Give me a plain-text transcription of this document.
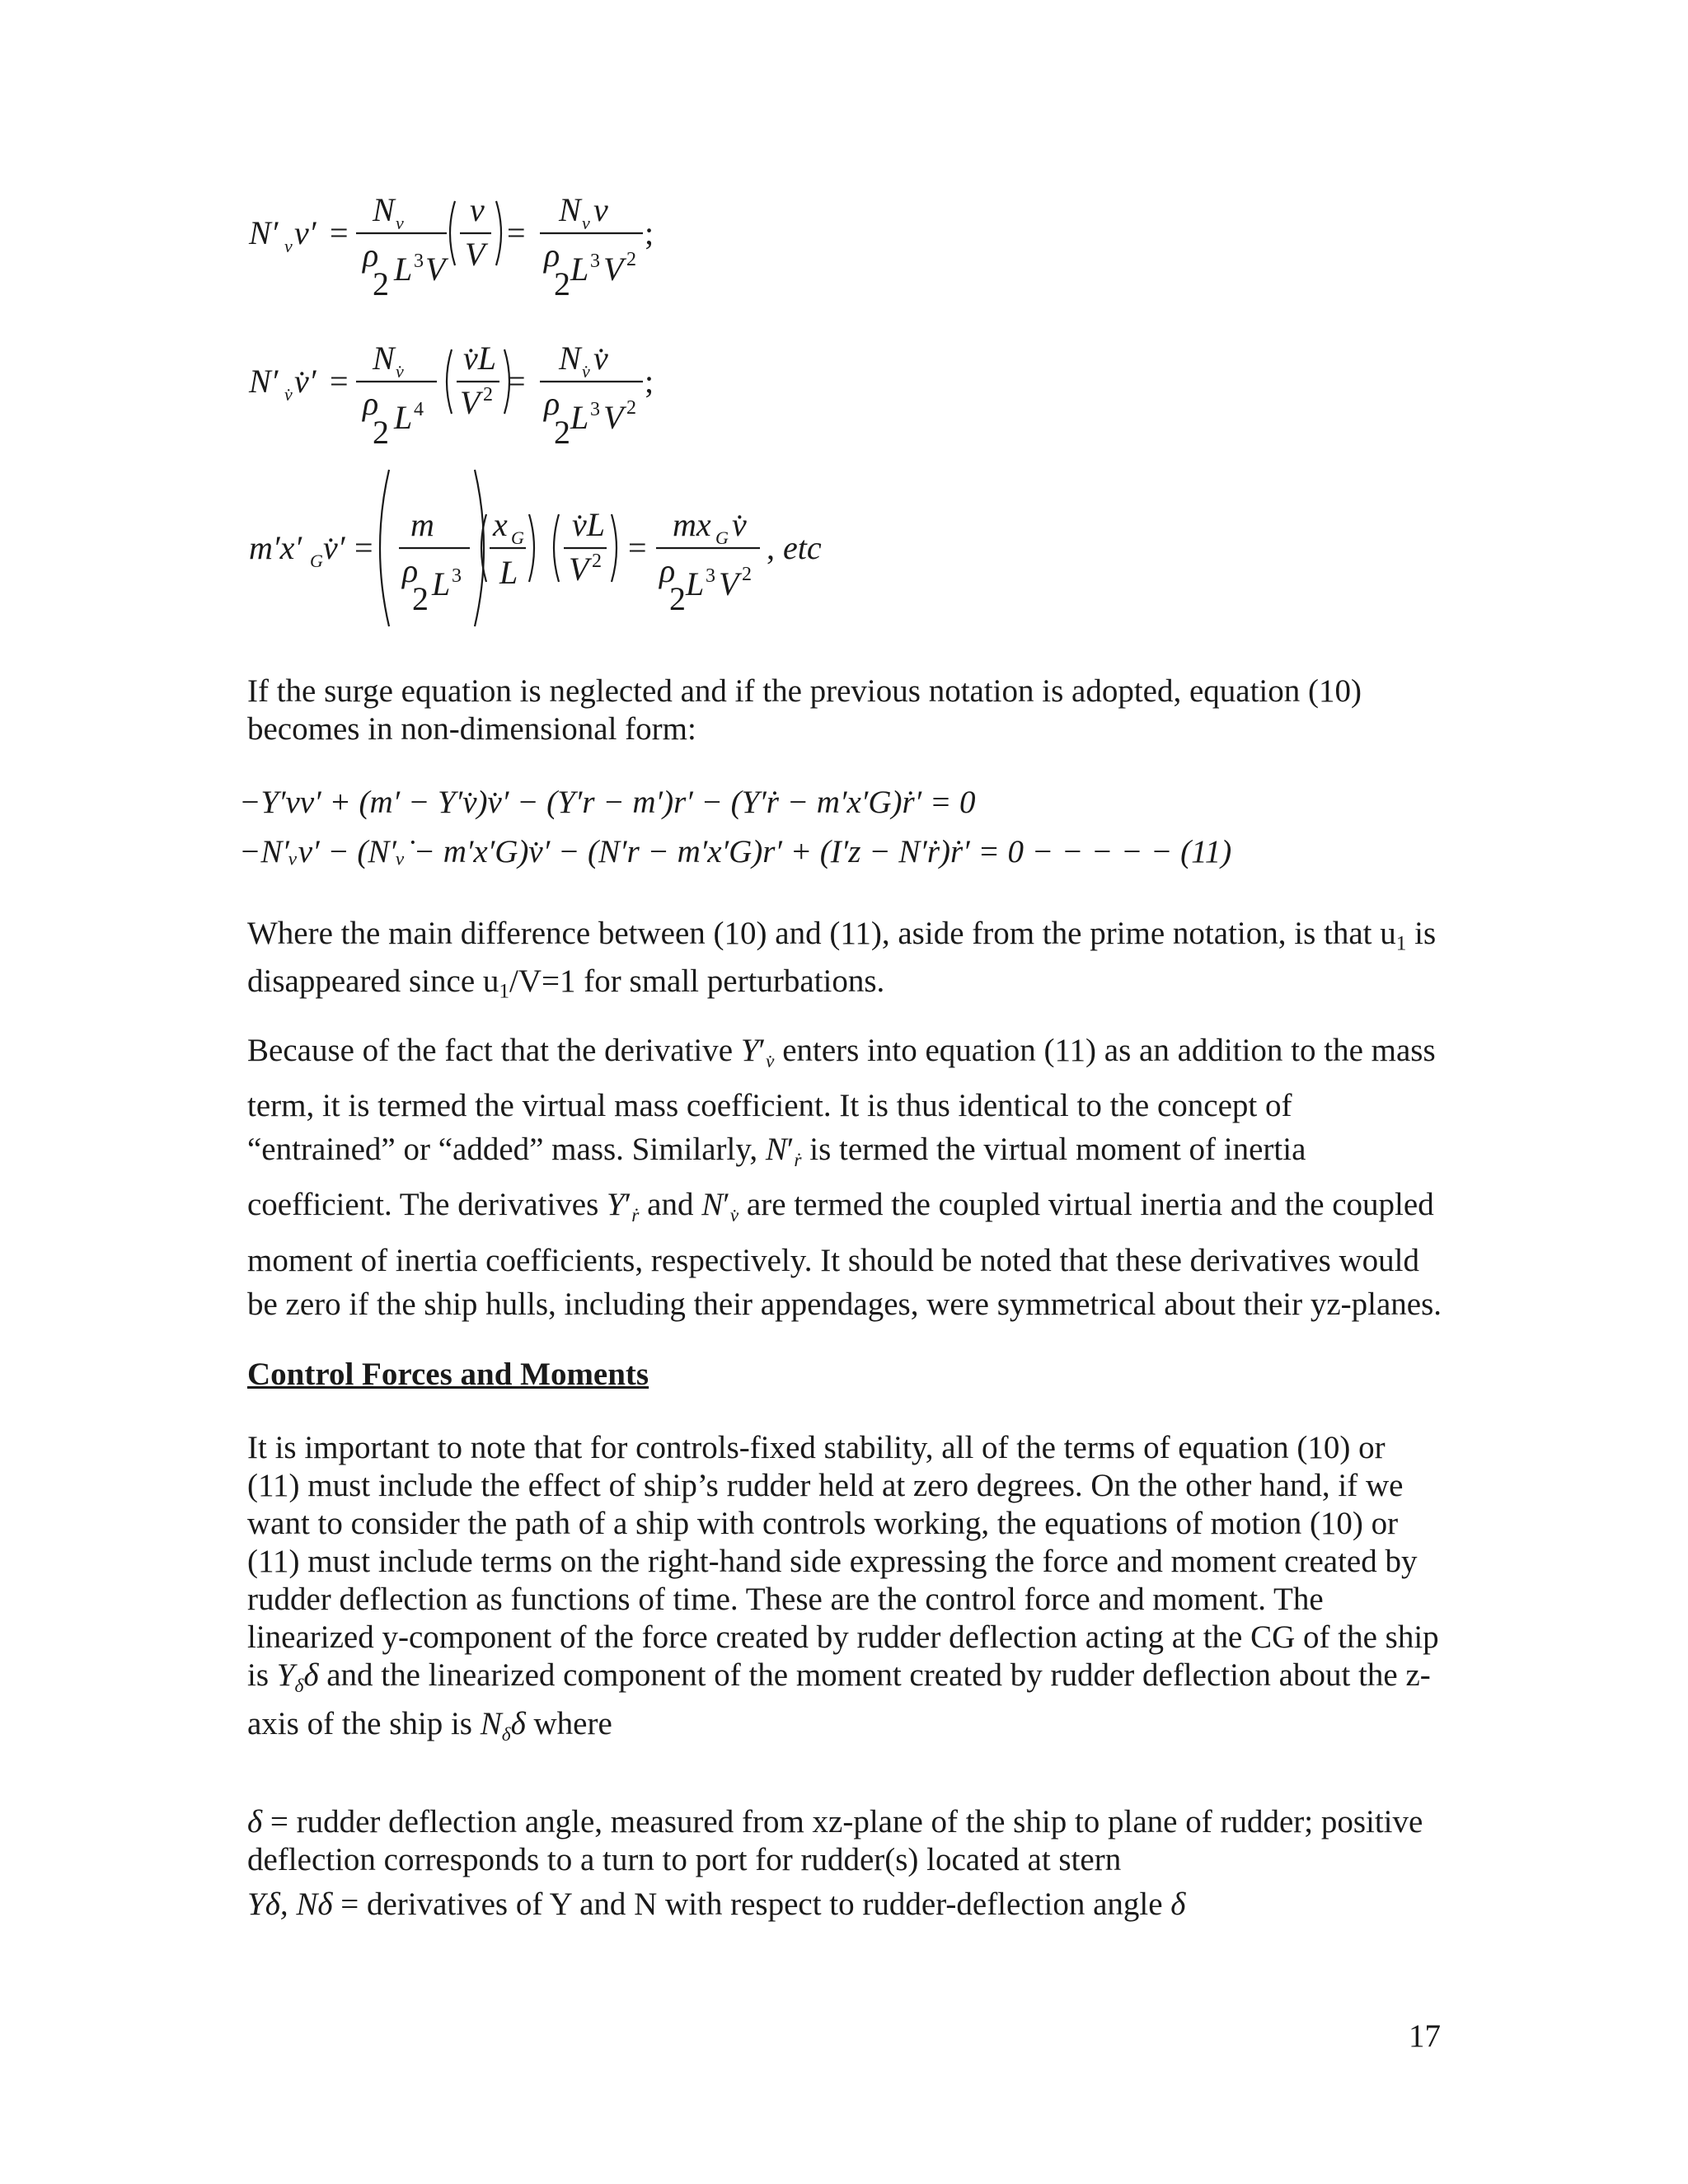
N′ v v′ =
N v
ρ
2 L 3 V
v
V
=
N v v
ρ
2 L 3 V 2
;
N′ v̇ v̇′ =
N v̇
ρ
2 L 4
v̇L
V 2 =
N v̇ v̇
ρ
2 L 3 V 2
;
m′x′ G v̇′ =
m
ρ
2 L 3
x G
L
v̇L
V 2 =
mx G v̇
ρ
2 L 3 V 2
, etc

If the surge equation is neglected and if the previous notation is adopted, equation (10) becomes in non-dimensional form:

−Y′vv′ + (m′ − Y′v̇)v̇′ − (Y′r − m′)r′ − (Y′ṙ − m′x′G)ṙ′ = 0
−N′ᵥv′ − (N′ᵥ̇ − m′x′G)v̇′ − (N′r − m′x′G)r′ + (I′z − N′ṙ)ṙ′ = 0 − − − − − (11)

Where the main difference between (10) and (11), aside from the prime notation, is that $u_1$ is disappeared since $u_1/V=1$ for small perturbations.

Because of the fact that the derivative $Y'_{v̇}$ enters into equation (11) as an addition to the mass term, it is termed the virtual mass coefficient. It is thus identical to the concept of “entrained” or “added” mass. Similarly, $N'_ṙ$ is termed the virtual moment of inertia coefficient. The derivatives $Y'_ṙ$ and $N'_{v̇}$ are termed the coupled virtual inertia and the coupled moment of inertia coefficients, respectively. It should be noted that these derivatives would be zero if the ship hulls, including their appendages, were symmetrical about their yz-planes.

Control Forces and Moments

It is important to note that for controls-fixed stability, all of the terms of equation (10) or (11) must include the effect of ship’s rudder held at zero degrees. On the other hand, if we want to consider the path of a ship with controls working, the equations of motion (10) or (11) must include terms on the right-hand side expressing the force and moment created by rudder deflection as functions of time. These are the control force and moment. The linearized y-component of the force created by rudder deflection acting at the CG of the ship is $Y_\delta\delta$ and the linearized component of the moment created by rudder deflection about the z-axis of the ship is $N_\delta\delta$ where

δ = rudder deflection angle, measured from xz-plane of the ship to plane of rudder; positive deflection corresponds to a turn to port for rudder(s) located at stern

Yδ, Nδ = derivatives of Y and N with respect to rudder-deflection angle δ

17
